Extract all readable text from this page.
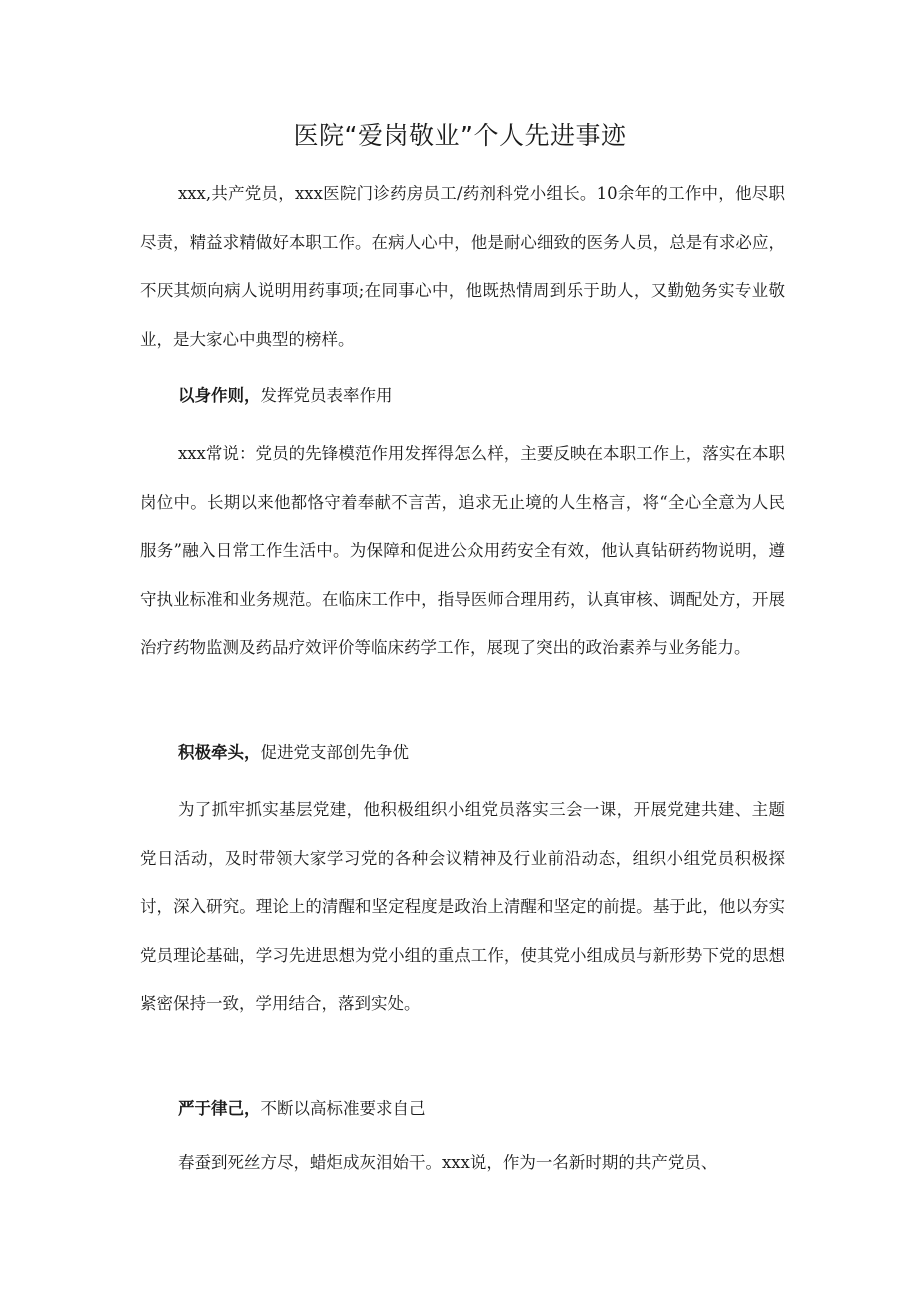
医院“爱岗敬业”个人先进事迹

xxx,共产党员，xxx医院门诊药房员工/药剂科党小组长。10余年的工作中，他尽职尽责，精益求精做好本职工作。在病人心中，他是耐心细致的医务人员，总是有求必应，不厌其烦向病人说明用药事项;在同事心中，他既热情周到乐于助人，又勤勉务实专业敬业，是大家心中典型的榜样。

以身作则，发挥党员表率作用

xxx常说：党员的先锋模范作用发挥得怎么样，主要反映在本职工作上，落实在本职岗位中。长期以来他都恪守着奉献不言苦，追求无止境的人生格言，将“全心全意为人民服务”融入日常工作生活中。为保障和促进公众用药安全有效，他认真钻研药物说明，遵守执业标准和业务规范。在临床工作中，指导医师合理用药，认真审核、调配处方，开展治疗药物监测及药品疗效评价等临床药学工作，展现了突出的政治素养与业务能力。

积极牵头，促进党支部创先争优

为了抓牢抓实基层党建，他积极组织小组党员落实三会一课，开展党建共建、主题党日活动，及时带领大家学习党的各种会议精神及行业前沿动态，组织小组党员积极探讨，深入研究。理论上的清醒和坚定程度是政治上清醒和坚定的前提。基于此，他以夯实党员理论基础，学习先进思想为党小组的重点工作，使其党小组成员与新形势下党的思想紧密保持一致，学用结合，落到实处。

严于律己，不断以高标准要求自己

春蚕到死丝方尽，蜡炬成灰泪始干。xxx说，作为一名新时期的共产党员、
